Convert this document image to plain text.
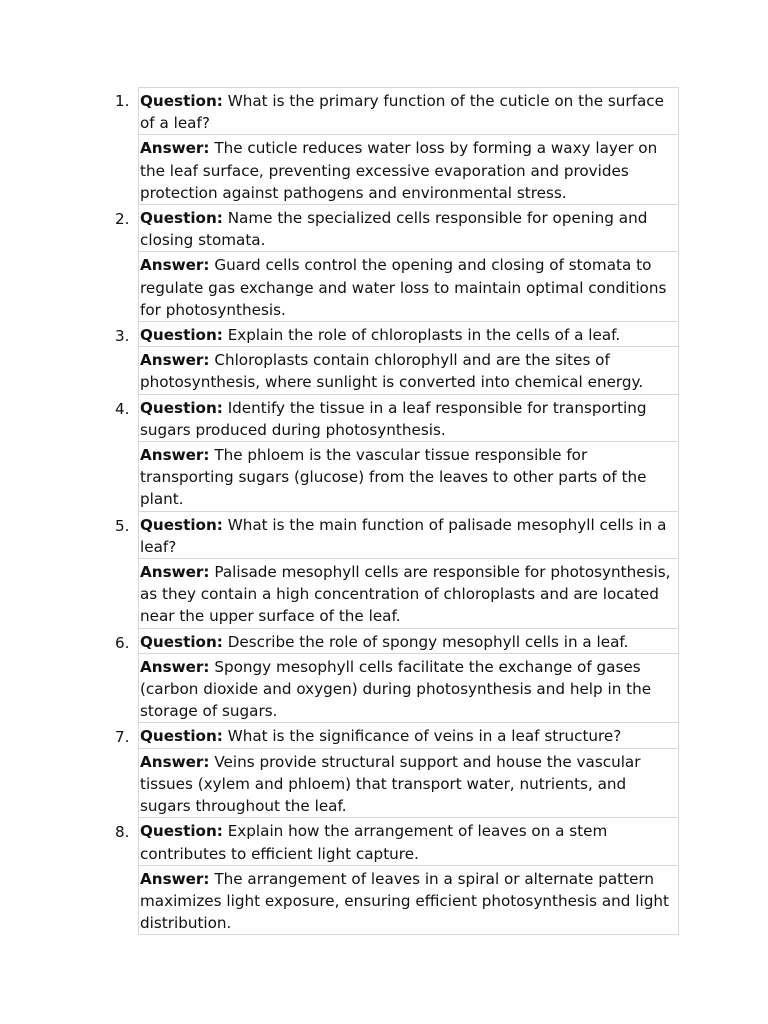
1. Question: What is the primary function of the cuticle on the surface of a leaf?
Answer: The cuticle reduces water loss by forming a waxy layer on the leaf surface, preventing excessive evaporation and provides protection against pathogens and environmental stress.
2. Question: Name the specialized cells responsible for opening and closing stomata.
Answer: Guard cells control the opening and closing of stomata to regulate gas exchange and water loss to maintain optimal conditions for photosynthesis.
3. Question: Explain the role of chloroplasts in the cells of a leaf.
Answer: Chloroplasts contain chlorophyll and are the sites of photosynthesis, where sunlight is converted into chemical energy.
4. Question: Identify the tissue in a leaf responsible for transporting sugars produced during photosynthesis.
Answer: The phloem is the vascular tissue responsible for transporting sugars (glucose) from the leaves to other parts of the plant.
5. Question: What is the main function of palisade mesophyll cells in a leaf?
Answer: Palisade mesophyll cells are responsible for photosynthesis, as they contain a high concentration of chloroplasts and are located near the upper surface of the leaf.
6. Question: Describe the role of spongy mesophyll cells in a leaf.
Answer: Spongy mesophyll cells facilitate the exchange of gases (carbon dioxide and oxygen) during photosynthesis and help in the storage of sugars.
7. Question: What is the significance of veins in a leaf structure?
Answer: Veins provide structural support and house the vascular tissues (xylem and phloem) that transport water, nutrients, and sugars throughout the leaf.
8. Question: Explain how the arrangement of leaves on a stem contributes to efficient light capture.
Answer: The arrangement of leaves in a spiral or alternate pattern maximizes light exposure, ensuring efficient photosynthesis and light distribution.
